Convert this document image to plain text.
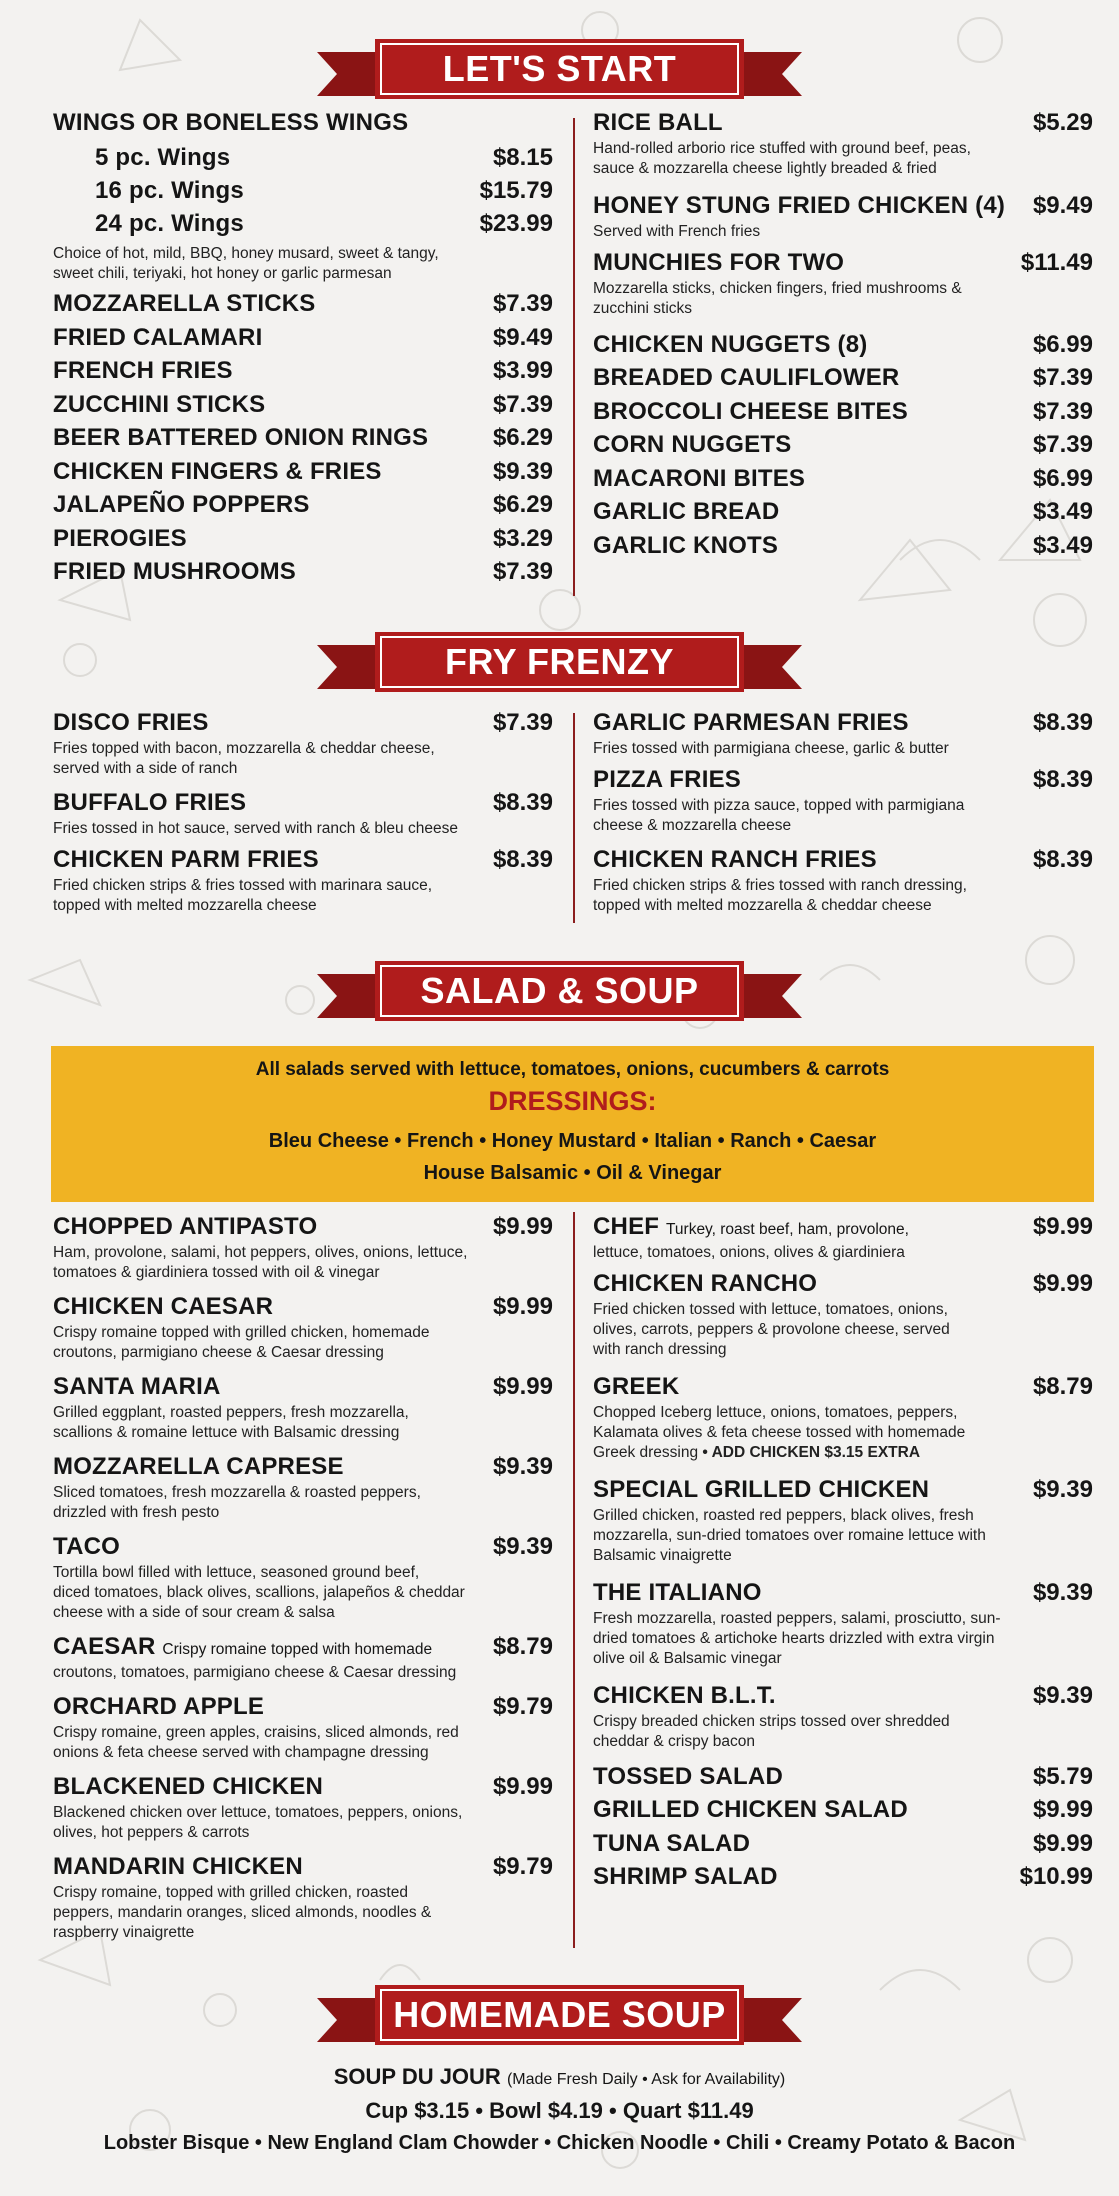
LET'S START
FRY FRENZY
SALAD & SOUP
HOMEMADE SOUP
WINGS OR BONELESS WINGS
5 pc. Wings	$8.15
16 pc. Wings	$15.79
24 pc. Wings	$23.99
Choice of hot, mild, BBQ, honey musard, sweet & tangy,
sweet chili, teriyaki, hot honey or garlic parmesan
MOZZARELLA STICKS	$7.39
FRIED CALAMARI	$9.49
FRENCH FRIES	$3.99
ZUCCHINI STICKS	$7.39
BEER BATTERED ONION RINGS	$6.29
CHICKEN FINGERS & FRIES	$9.39
JALAPEÑO POPPERS	$6.29
PIEROGIES	$3.29
FRIED MUSHROOMS	$7.39
RICE BALL	$5.29
Hand-rolled arborio rice stuffed with ground beef, peas,
sauce & mozzarella cheese lightly breaded & fried
HONEY STUNG FRIED CHICKEN (4) $9.49
Served with French fries
MUNCHIES FOR TWO	$11.49
Mozzarella sticks, chicken fingers, fried mushrooms &
zucchini sticks
CHICKEN NUGGETS (8)	$6.99
BREADED CAULIFLOWER	$7.39
BROCCOLI CHEESE BITES	$7.39
CORN NUGGETS	$7.39
MACARONI BITES	$6.99
GARLIC BREAD	$3.49
GARLIC KNOTS	$3.49
DISCO FRIES	$7.39
Fries topped with bacon, mozzarella & cheddar cheese,
served with a side of ranch
BUFFALO FRIES	$8.39
Fries tossed in hot sauce, served with ranch & bleu cheese
CHICKEN PARM FRIES	$8.39
Fried chicken strips & fries tossed with marinara sauce,
topped with melted mozzarella cheese
GARLIC PARMESAN FRIES	$8.39
Fries tossed with parmigiana cheese, garlic & butter
PIZZA FRIES	$8.39
Fries tossed with pizza sauce, topped with parmigiana
cheese & mozzarella cheese
CHICKEN RANCH FRIES	$8.39
Fried chicken strips & fries tossed with ranch dressing,
topped with melted mozzarella & cheddar cheese
All salads served with lettuce, tomatoes, onions, cucumbers & carrots
DRESSINGS:
Bleu Cheese • French • Honey Mustard • Italian • Ranch • Caesar
House Balsamic • Oil & Vinegar
CHOPPED ANTIPASTO	$9.99
Ham, provolone, salami, hot peppers, olives, onions, lettuce,
tomatoes & giardiniera tossed with oil & vinegar
CHICKEN CAESAR	$9.99
Crispy romaine topped with grilled chicken, homemade
croutons, parmigiano cheese & Caesar dressing
SANTA MARIA	$9.99
Grilled eggplant, roasted peppers, fresh mozzarella,
scallions & romaine lettuce with Balsamic dressing
MOZZARELLA CAPRESE	$9.39
Sliced tomatoes, fresh mozzarella & roasted peppers,
drizzled with fresh pesto
TACO	$9.39
Tortilla bowl filled with lettuce, seasoned ground beef,
diced tomatoes, black olives, scallions, jalapeños & cheddar
cheese with a side of sour cream & salsa
CAESAR Crispy romaine topped with homemade	$8.79
croutons, tomatoes, parmigiano cheese & Caesar dressing
ORCHARD APPLE	$9.79
Crispy romaine, green apples, craisins, sliced almonds, red
onions & feta cheese served with champagne dressing
BLACKENED CHICKEN	$9.99
Blackened chicken over lettuce, tomatoes, peppers, onions,
olives, hot peppers & carrots
MANDARIN CHICKEN	$9.79
Crispy romaine, topped with grilled chicken, roasted
peppers, mandarin oranges, sliced almonds, noodles &
raspberry vinaigrette
CHEF Turkey, roast beef, ham, provolone,	$9.99
lettuce, tomatoes, onions, olives & giardiniera
CHICKEN RANCHO	$9.99
Fried chicken tossed with lettuce, tomatoes, onions,
olives, carrots, peppers & provolone cheese, served
with ranch dressing
GREEK	$8.79
Chopped Iceberg lettuce, onions, tomatoes, peppers,
Kalamata olives & feta cheese tossed with homemade
Greek dressing • ADD CHICKEN $3.15 EXTRA
SPECIAL GRILLED CHICKEN	$9.39
Grilled chicken, roasted red peppers, black olives, fresh
mozzarella, sun-dried tomatoes over romaine lettuce with
Balsamic vinaigrette
THE ITALIANO	$9.39
Fresh mozzarella, roasted peppers, salami, prosciutto, sun-
dried tomatoes & artichoke hearts drizzled with extra virgin
olive oil & Balsamic vinegar
CHICKEN B.L.T.	$9.39
Crispy breaded chicken strips tossed over shredded
cheddar & crispy bacon
TOSSED SALAD	$5.79
GRILLED CHICKEN SALAD	$9.99
TUNA SALAD	$9.99
SHRIMP SALAD	$10.99
SOUP DU JOUR (Made Fresh Daily • Ask for Availability)
Cup $3.15 • Bowl $4.19 • Quart $11.49
Lobster Bisque • New England Clam Chowder • Chicken Noodle • Chili • Creamy Potato & Bacon
